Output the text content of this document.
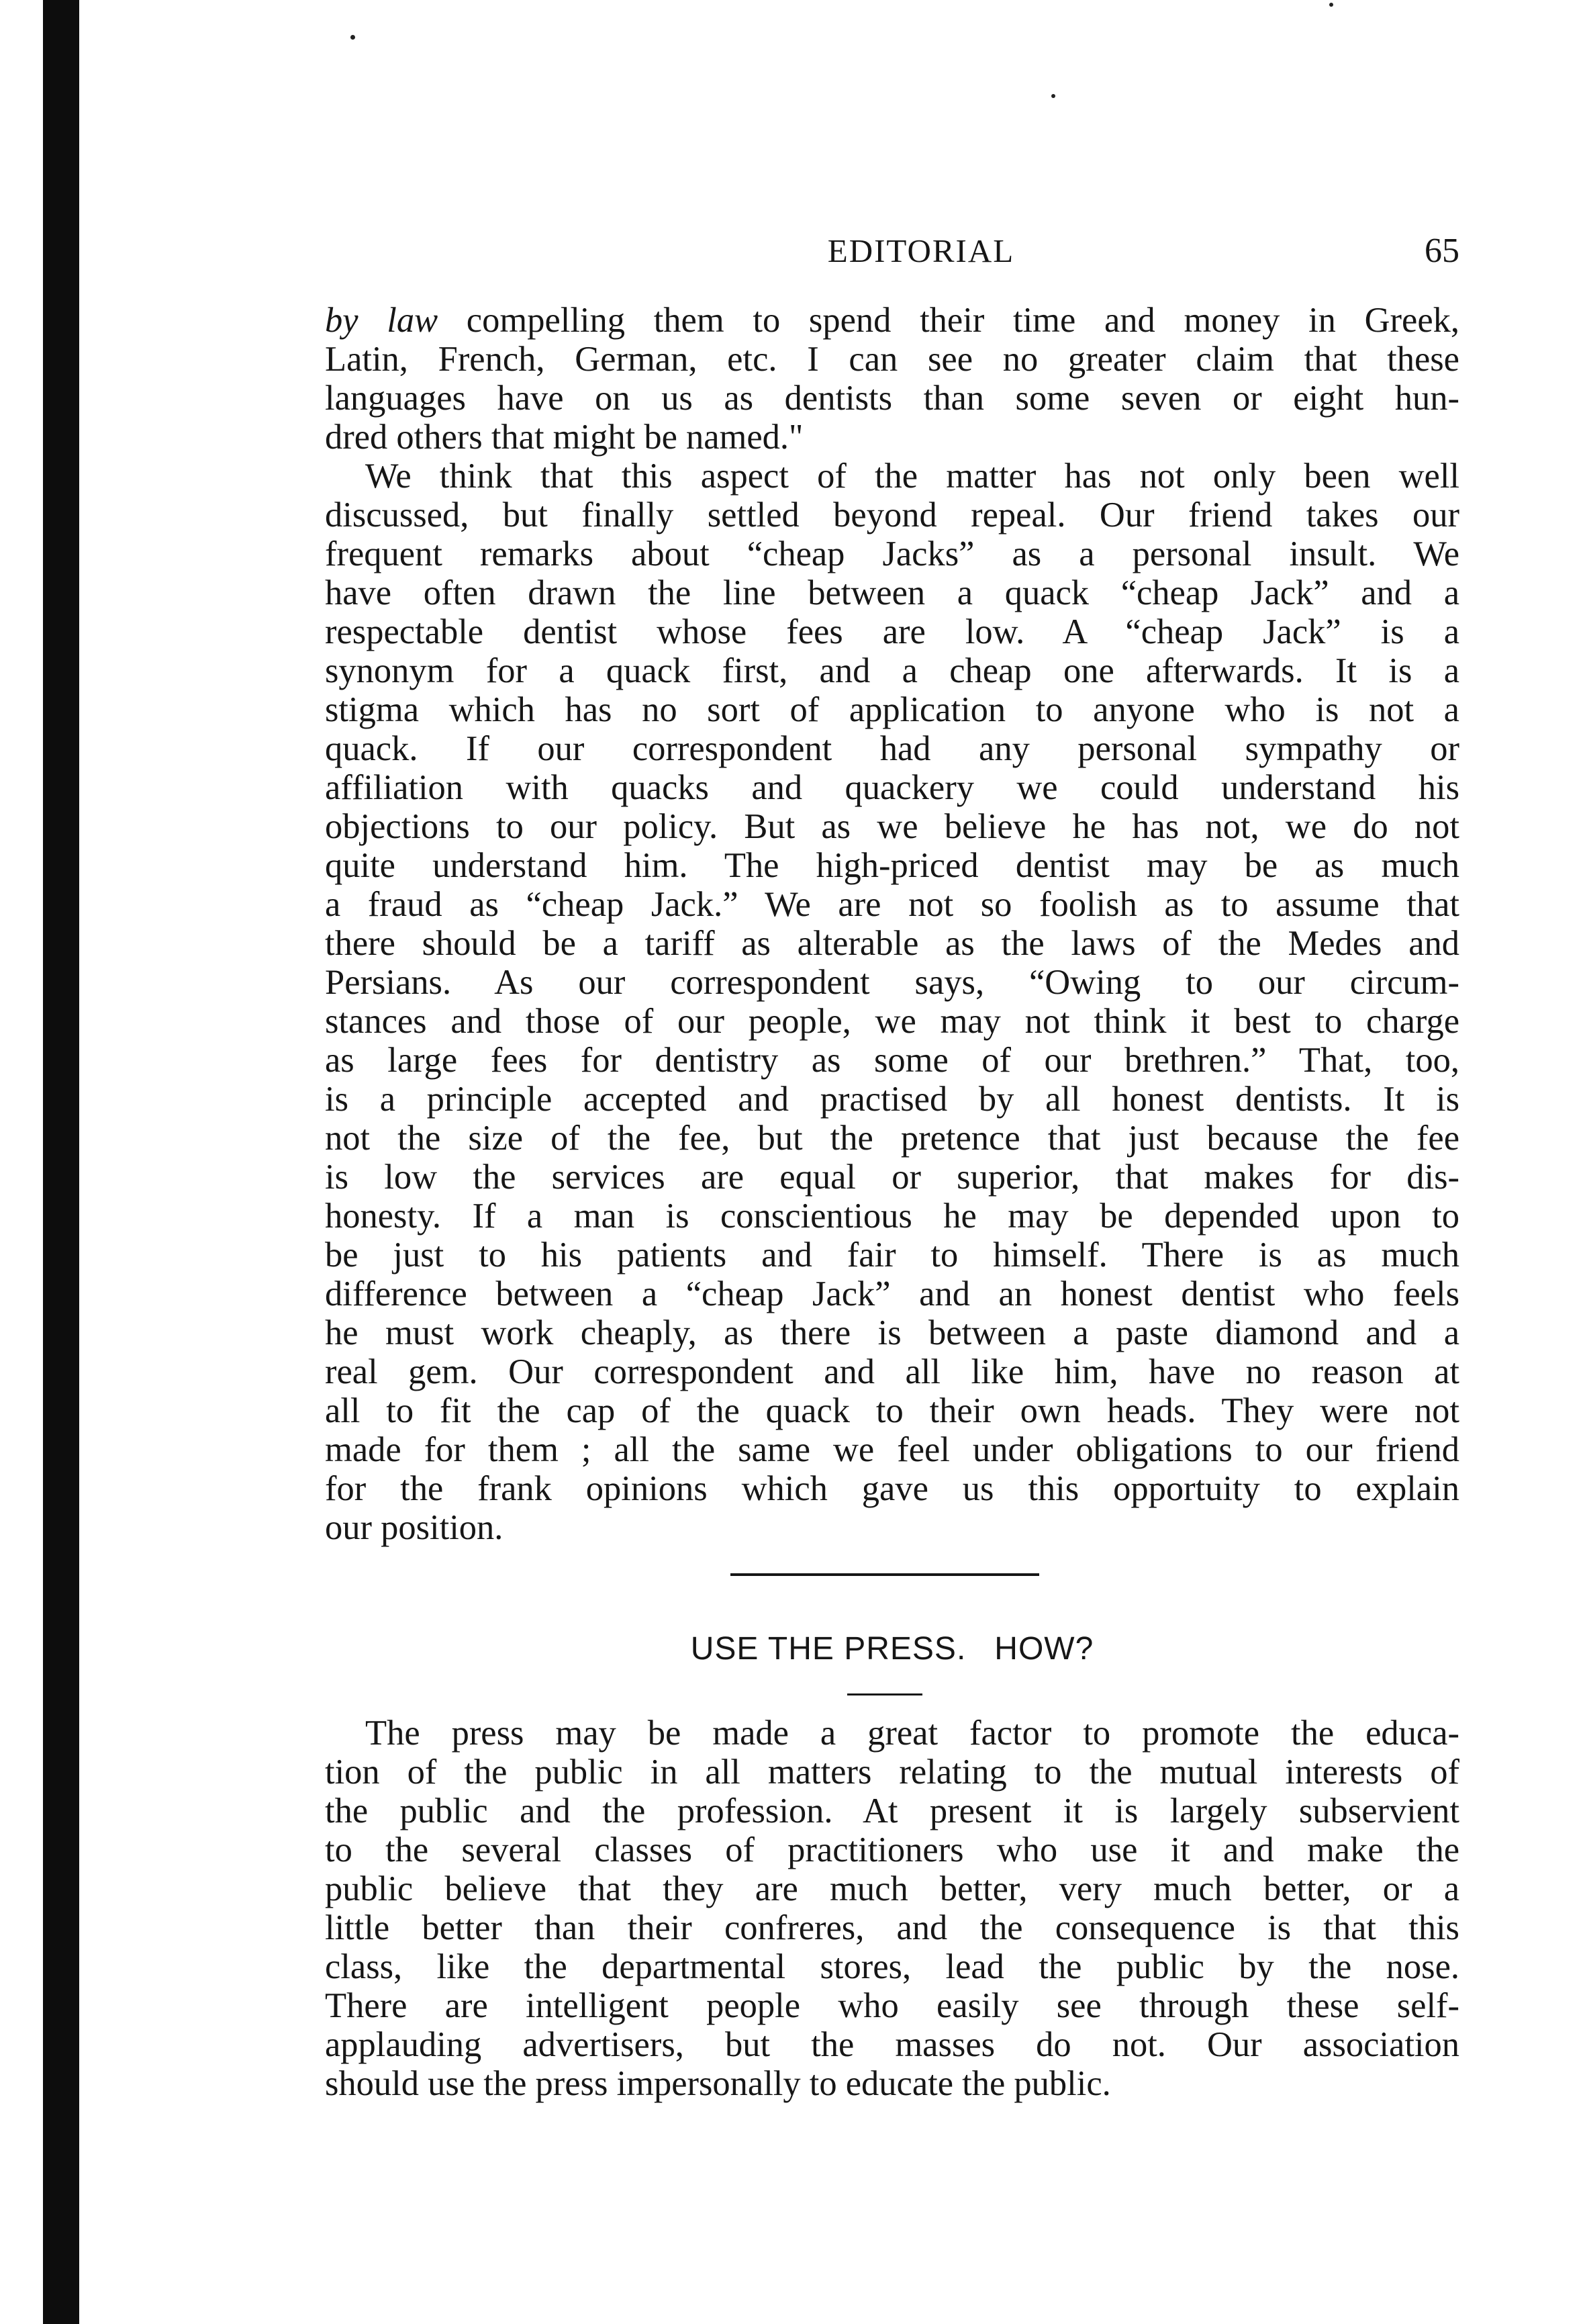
EDITORIAL	65
by law compelling them to spend their time and money in Greek,
Latin, French, German, etc. I can see no greater claim that these
languages have on us as dentists than some seven or eight hun-
dred others that might be named."
We think that this aspect of the matter has not only been well
discussed, but finally settled beyond repeal. Our friend takes our
frequent remarks about “cheap Jacks” as a personal insult. We
have often drawn the line between a quack “cheap Jack” and a
respectable dentist whose fees are low. A “cheap Jack” is a
synonym for a quack first, and a cheap one afterwards. It is a
stigma which has no sort of application to anyone who is not a
quack. If our correspondent had any personal sympathy or
affiliation with quacks and quackery we could understand his
objections to our policy. But as we believe he has not, we do not
quite understand him. The high-priced dentist may be as much
a fraud as “cheap Jack.” We are not so foolish as to assume that
there should be a tariff as alterable as the laws of the Medes and
Persians. As our correspondent says, “Owing to our circum-
stances and those of our people, we may not think it best to charge
as large fees for dentistry as some of our brethren.” That, too,
is a principle accepted and practised by all honest dentists. It is
not the size of the fee, but the pretence that just because the fee
is low the services are equal or superior, that makes for dis-
honesty. If a man is conscientious he may be depended upon to
be just to his patients and fair to himself. There is as much
difference between a “cheap Jack” and an honest dentist who feels
he must work cheaply, as there is between a paste diamond and a
real gem. Our correspondent and all like him, have no reason at
all to fit the cap of the quack to their own heads. They were not
made for them ; all the same we feel under obligations to our friend
for the frank opinions which gave us this opportuity to explain
our position.
USE THE PRESS. HOW?
The press may be made a great factor to promote the educa-
tion of the public in all matters relating to the mutual interests of
the public and the profession. At present it is largely subservient
to the several classes of practitioners who use it and make the
public believe that they are much better, very much better, or a
little better than their confreres, and the consequence is that this
class, like the departmental stores, lead the public by the nose.
There are intelligent people who easily see through these self-
applauding advertisers, but the masses do not. Our association
should use the press impersonally to educate the public.
